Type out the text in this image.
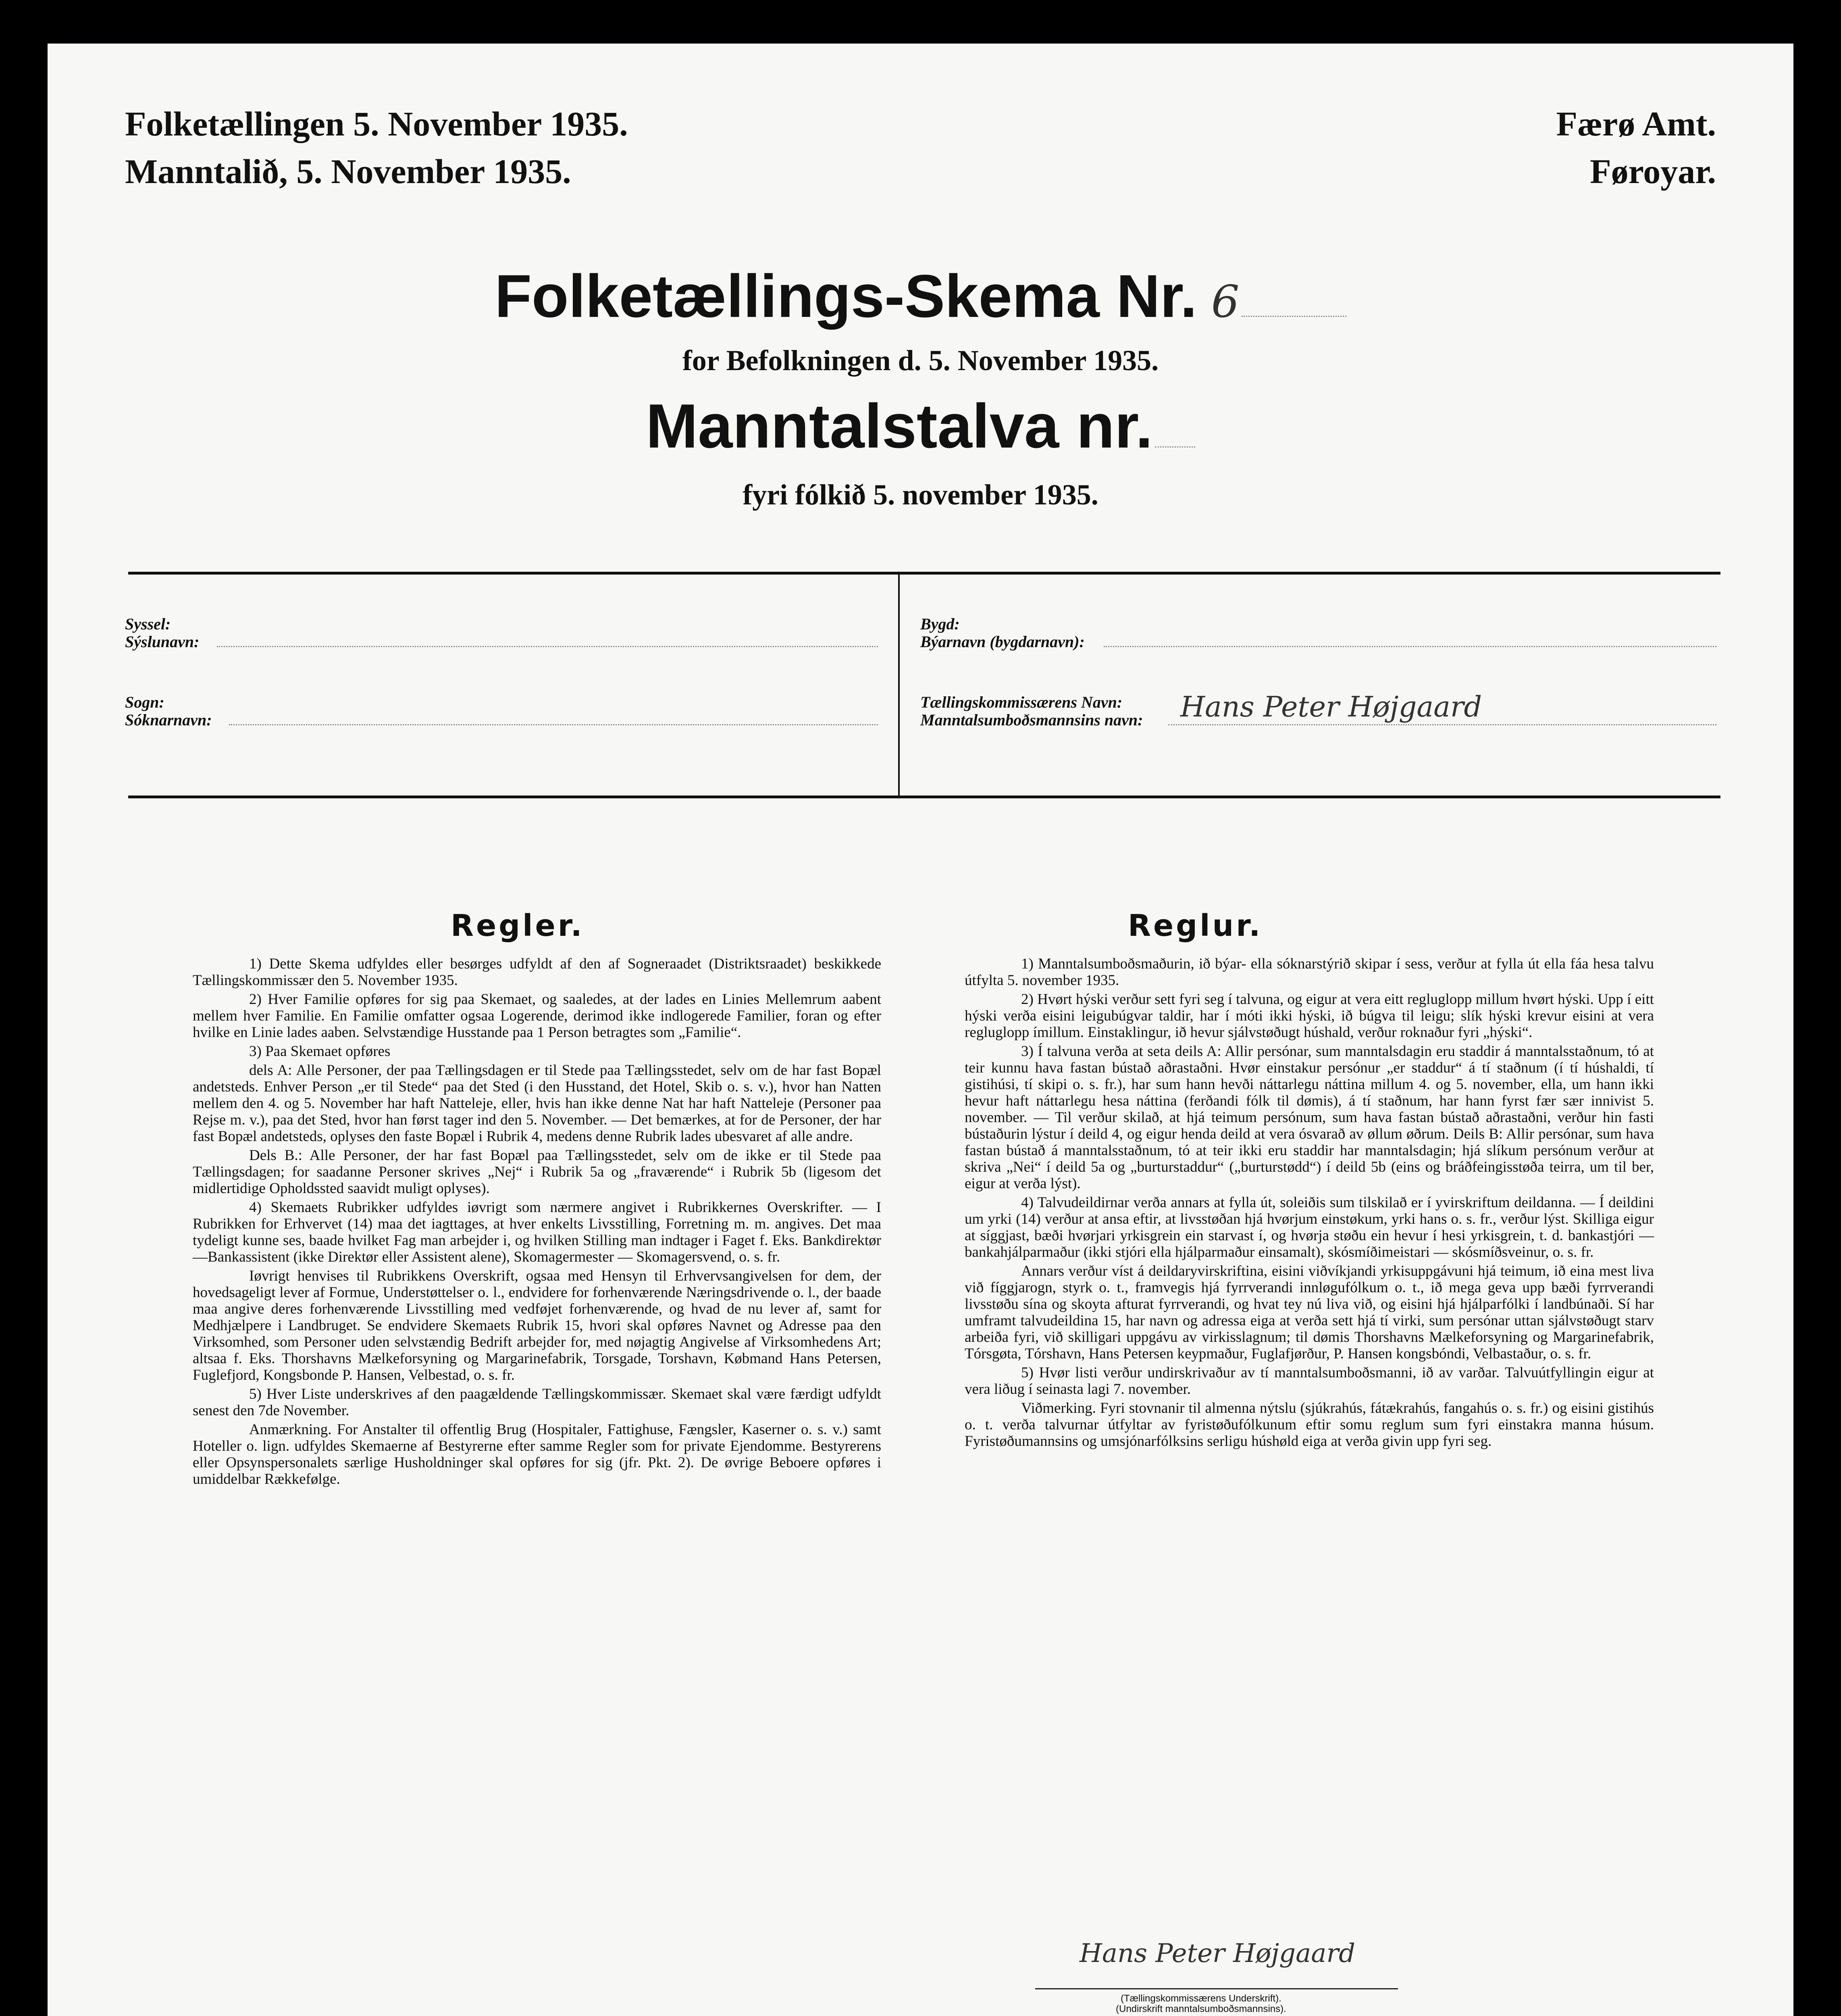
Folketællingen 5. November 1935.
Manntalið, 5. November 1935.
Færø Amt.
Føroyar.
Folketællings-Skema Nr. 6
for Befolkningen d. 5. November 1935.
Manntalstalva nr.
fyri fólkið 5. november 1935.
Syssel:
Sýslunavn:
Bygd:
Býarnavn (bygdarnavn):
Sogn:
Sóknarnavn:
Tællingskommissærens Navn:
Manntalsumboðsmannsins navn: Hans Peter Højgaard
Regler.	Reglur.

1) Dette Skema udfyldes eller besørges udfyldt af den af Sogneraadet (Distriktsraadet) beskikkede Tællingskommissær den 5. November 1935.

2) Hver Familie opføres for sig paa Skemaet, og saaledes, at der lades en Linies Mellemrum aabent mellem hver Familie. En Familie omfatter ogsaa Logerende, derimod ikke indlogerede Familier, foran og efter hvilke en Linie lades aaben. Selvstændige Husstande paa 1 Person betragtes som „Familie“.

3) Paa Skemaet opføres

dels A: Alle Personer, der paa Tællingsdagen er til Stede paa Tællingsstedet, selv om de har fast Bopæl andetsteds. Enhver Person „er til Stede“ paa det Sted (i den Husstand, det Hotel, Skib o. s. v.), hvor han Natten mellem den 4. og 5. November har haft Natteleje, eller, hvis han ikke denne Nat har haft Natteleje (Personer paa Rejse m. v.), paa det Sted, hvor han først tager ind den 5. November. — Det bemærkes, at for de Personer, der har fast Bopæl andetsteds, oplyses den faste Bopæl i Rubrik 4, medens denne Rubrik lades ubesvaret af alle andre.

Dels B.: Alle Personer, der har fast Bopæl paa Tællingsstedet, selv om de ikke er til Stede paa Tællingsdagen; for saadanne Personer skrives „Nej“ i Rubrik 5a og „fraværende“ i Rubrik 5b (ligesom det midlertidige Opholdssted saavidt muligt oplyses).

4) Skemaets Rubrikker udfyldes iøvrigt som nærmere angivet i Rubrikkernes Overskrifter. — I Rubrikken for Erhvervet (14) maa det iagttages, at hver enkelts Livsstilling, Forretning m. m. angives. Det maa tydeligt kunne ses, baade hvilket Fag man arbejder i, og hvilken Stilling man indtager i Faget f. Eks. Bankdirektør—Bankassistent (ikke Direktør eller Assistent alene), Skomagermester — Skomagersvend, o. s. fr.

Iøvrigt henvises til Rubrikkens Overskrift, ogsaa med Hensyn til Erhvervsangivelsen for dem, der hovedsageligt lever af Formue, Understøttelser o. l., endvidere for forhenværende Næringsdrivende o. l., der baade maa angive deres forhenværende Livsstilling med vedføjet forhenværende, og hvad de nu lever af, samt for Medhjælpere i Landbruget. Se endvidere Skemaets Rubrik 15, hvori skal opføres Navnet og Adresse paa den Virksomhed, som Personer uden selvstændig Bedrift arbejder for, med nøjagtig Angivelse af Virksomhedens Art; altsaa f. Eks. Thorshavns Mælkeforsyning og Margarinefabrik, Torsgade, Torshavn, Købmand Hans Petersen, Fuglefjord, Kongsbonde P. Hansen, Velbestad, o. s. fr.

5) Hver Liste underskrives af den paagældende Tællingskommissær. Skemaet skal være færdigt udfyldt senest den 7de November.

Anmærkning. For Anstalter til offentlig Brug (Hospitaler, Fattighuse, Fængsler, Kaserner o. s. v.) samt Hoteller o. lign. udfyldes Skemaerne af Bestyrerne efter samme Regler som for private Ejendomme. Bestyrerens eller Opsynspersonalets særlige Husholdninger skal opføres for sig (jfr. Pkt. 2). De øvrige Beboere opføres i umiddelbar Rækkefølge.

1) Manntalsumboðsmaðurin, ið býar- ella sóknarstýrið skipar í sess, verður at fylla út ella fáa hesa talvu útfylta 5. november 1935.

2) Hvørt hýski verður sett fyri seg í talvuna, og eigur at vera eitt regluglopp millum hvørt hýski. Upp í eitt hýski verða eisini leigubúgvar taldir, har í móti ikki hýski, ið búgva til leigu; slík hýski krevur eisini at vera regluglopp ímillum. Einstaklingur, ið hevur sjálvstøðugt húshald, verður roknaður fyri „hýski“.

3) Í talvuna verða at seta deils A: Allir persónar, sum manntalsdagin eru staddir á manntalsstaðnum, tó at teir kunnu hava fastan bústað aðrastaðni. Hvør einstakur persónur „er staddur“ á tí staðnum (í tí húshaldi, tí gistihúsi, tí skipi o. s. fr.), har sum hann hevði náttarlegu náttina millum 4. og 5. november, ella, um hann ikki hevur haft náttarlegu hesa náttina (ferðandi fólk til dømis), á tí staðnum, har hann fyrst fær sær innivist 5. november. — Til verður skilað, at hjá teimum persónum, sum hava fastan bústað aðrastaðni, verður hin fasti bústaðurin lýstur í deild 4, og eigur henda deild at vera ósvarað av øllum øðrum. Deils B: Allir persónar, sum hava fastan bústað á manntalsstaðnum, tó at teir ikki eru staddir har manntalsdagin; hjá slíkum persónum verður at skriva „Nei“ í deild 5a og „burturstaddur“ („burturstødd“) í deild 5b (eins og bráðfeingisstøða teirra, um til ber, eigur at verða lýst).

4) Talvudeildirnar verða annars at fylla út, soleiðis sum tilskilað er í yvirskriftum deildanna. — Í deildini um yrki (14) verður at ansa eftir, at livsstøðan hjá hvørjum einstøkum, yrki hans o. s. fr., verður lýst. Skilliga eigur at síggjast, bæði hvørjari yrkisgrein ein starvast í, og hvørja støðu ein hevur í hesi yrkisgrein, t. d. bankastjóri — bankahjálparmaður (ikki stjóri ella hjálparmaður einsamalt), skósmíðimeistari — skósmíðsveinur, o. s. fr.

Annars verður víst á deildaryvirskriftina, eisini viðvíkjandi yrkisuppgávuni hjá teimum, ið eina mest liva við fíggjarogn, styrk o. t., framvegis hjá fyrrverandi innløgufólkum o. t., ið mega geva upp bæði fyrrverandi livsstøðu sína og skoyta afturat fyrrverandi, og hvat tey nú liva við, og eisini hjá hjálparfólki í landbúnaði. Sí har umframt talvudeildina 15, har navn og adressa eiga at verða sett hjá tí virki, sum persónar uttan sjálvstøðugt starv arbeiða fyri, við skilligari uppgávu av virkisslagnum; til dømis Thorshavns Mælkeforsyning og Margarinefabrik, Tórsgøta, Tórshavn, Hans Petersen keypmaður, Fuglafjørður, P. Hansen kongsbóndi, Velbastaður, o. s. fr.

5) Hvør listi verður undirskrivaður av tí manntalsumboðsmanni, ið av varðar. Talvuútfyllingin eigur at vera liðug í seinasta lagi 7. november.

Viðmerking. Fyri stovnanir til almenna nýtslu (sjúkrahús, fátækrahús, fangahús o. s. fr.) og eisini gistihús o. t. verða talvurnar útfyltar av fyristøðufólkunum eftir somu reglum sum fyri einstakra manna húsum. Fyristøðumannsins og umsjónarfólksins serligu húshøld eiga at verða givin upp fyri seg.

Hans Peter Højgaard
(Tællingskommissærens Underskrift).
(Undirskrift manntalsumboðsmannsins).
